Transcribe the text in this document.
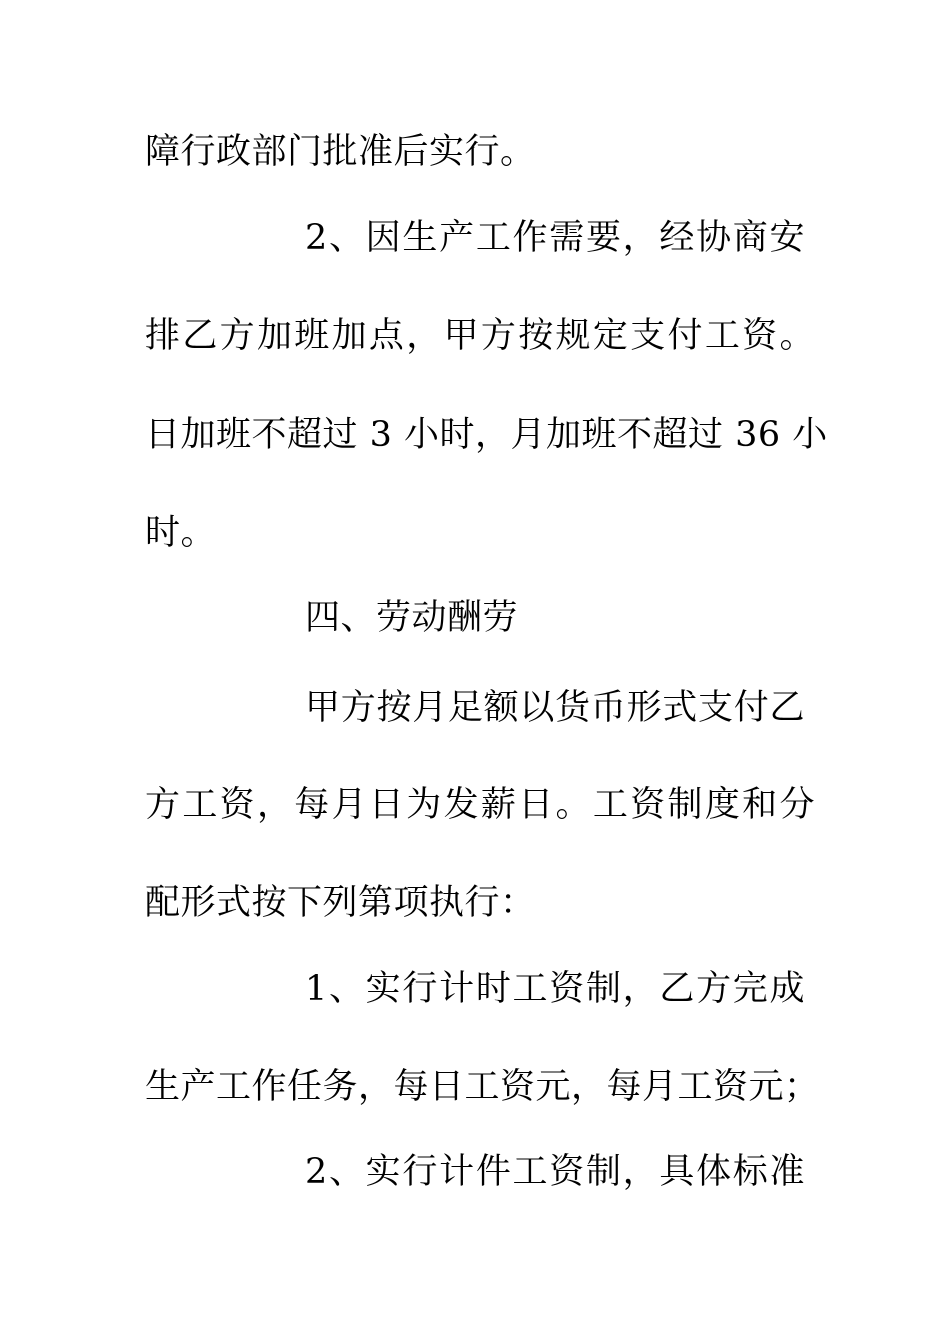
障行政部门批准后实行。
2、因生产工作需要，经协商安
排乙方加班加点，甲方按规定支付工资。
日加班不超过 3 小时，月加班不超过 36 小
时。
四、劳动酬劳
甲方按月足额以货币形式支付乙
方工资，每月日为发薪日。工资制度和分
配形式按下列第项执行：
1、实行计时工资制，乙方完成
生产工作任务，每日工资元，每月工资元；
2、实行计件工资制，具体标准
